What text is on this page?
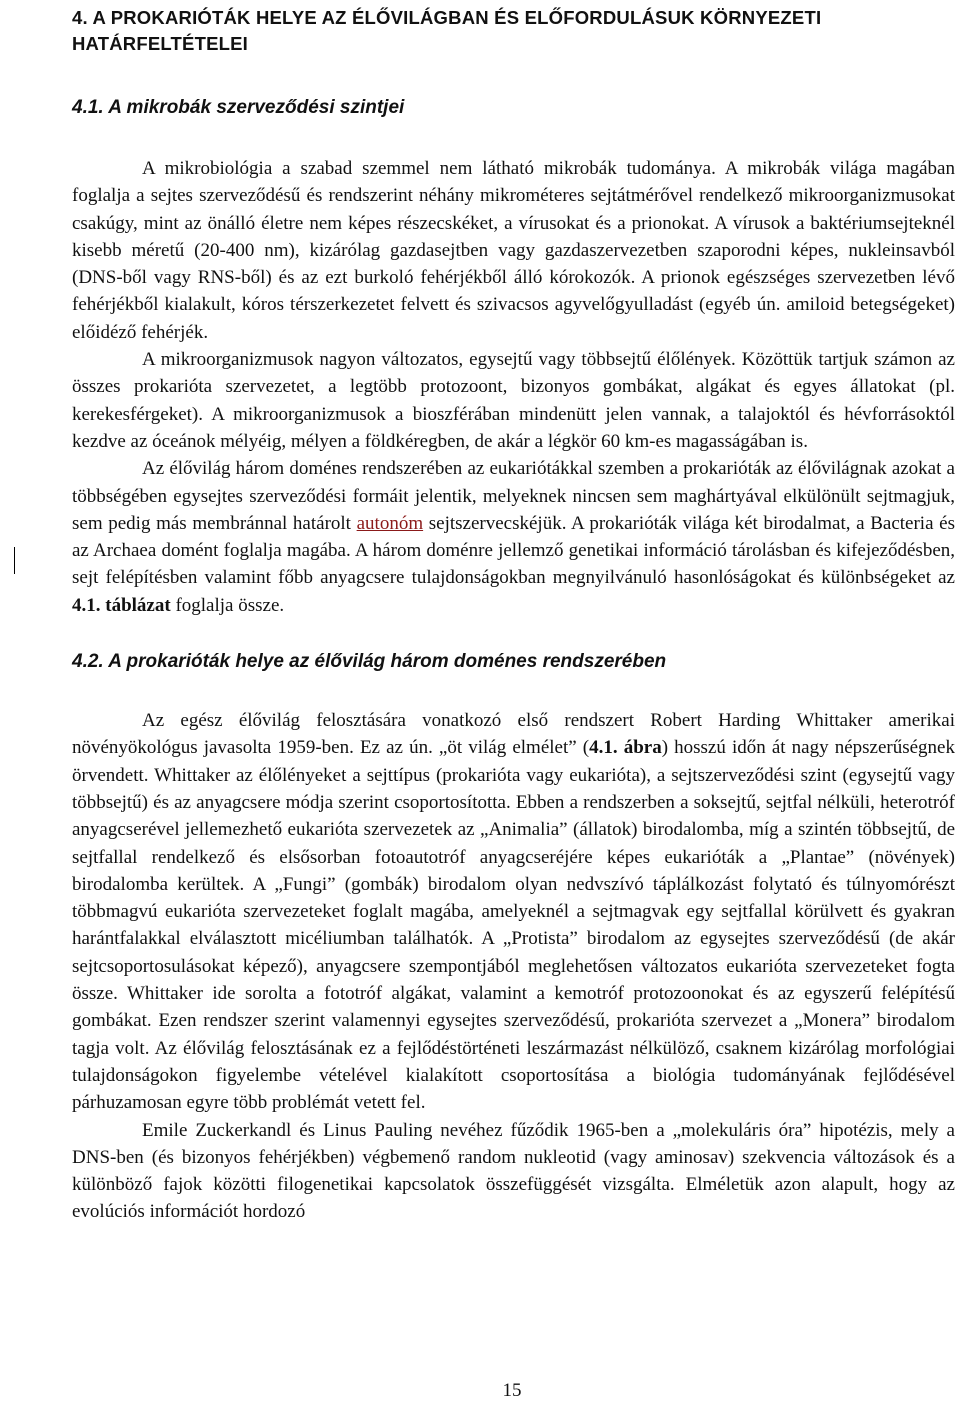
4. A PROKARIÓTÁK HELYE AZ ÉLŐVILÁGBAN ÉS ELŐFORDULÁSUK KÖRNYEZETI HATÁRFELTÉTELEI
4.1. A mikrobák szerveződési szintjei

A mikrobiológia a szabad szemmel nem látható mikrobák tudománya. A mikrobák világa magában foglalja a sejtes szerveződésű és rendszerint néhány mikrométeres sejtátmérővel rendelkező mikroorganizmusokat csakúgy, mint az önálló életre nem képes részecskéket, a vírusokat és a prionokat. A vírusok a baktériumsejteknél kisebb méretű (20-400 nm), kizárólag gazdasejtben vagy gazdaszervezetben szaporodni képes, nukleinsavból (DNS-ből vagy RNS-ből) és az ezt burkoló fehérjékből álló kórokozók. A prionok egészséges szervezetben lévő fehérjékből kialakult, kóros térszerkezetet felvett és szivacsos agyvelőgyulladást (egyéb ún. amiloid betegségeket) előidéző fehérjék.

A mikroorganizmusok nagyon változatos, egysejtű vagy többsejtű élőlények. Közöttük tartjuk számon az összes prokarióta szervezetet, a legtöbb protozoont, bizonyos gombákat, algákat és egyes állatokat (pl. kerekesférgeket). A mikroorganizmusok a bioszférában mindenütt jelen vannak, a talajoktól és hévforrásoktól kezdve az óceánok mélyéig, mélyen a földkéregben, de akár a légkör 60 km-es magasságában is.

Az élővilág három doménes rendszerében az eukariótákkal szemben a prokarióták az élővilágnak azokat a többségében egysejtes szerveződési formáit jelentik, melyeknek nincsen sem maghártyával elkülönült sejtmagjuk, sem pedig más membránnal határolt autonóm sejtszervecskéjük. A prokarióták világa két birodalmat, a Bacteria és az Archaea domént foglalja magába. A három doménre jellemző genetikai információ tárolásban és kifejeződésben, sejt felépítésben valamint főbb anyagcsere tulajdonságokban megnyilvánuló hasonlóságokat és különbségeket az 4.1. táblázat foglalja össze.

4.2. A prokarióták helye az élővilág három doménes rendszerében

Az egész élővilág felosztására vonatkozó első rendszert Robert Harding Whittaker amerikai növényökológus javasolta 1959-ben. Ez az ún. „öt világ elmélet” (4.1. ábra) hosszú időn át nagy népszerűségnek örvendett. Whittaker az élőlényeket a sejttípus (prokarióta vagy eukarióta), a sejtszerveződési szint (egysejtű vagy többsejtű) és az anyagcsere módja szerint csoportosította. Ebben a rendszerben a soksejtű, sejtfal nélküli, heterotróf anyagcserével jellemezhető eukarióta szervezetek az „Animalia” (állatok) birodalomba, míg a szintén többsejtű, de sejtfallal rendelkező és elsősorban fotoautotróf anyagcseréjére képes eukarióták a „Plantae” (növények) birodalomba kerültek. A „Fungi” (gombák) birodalom olyan nedvszívó táplálkozást folytató és túlnyomórészt többmagvú eukarióta szervezeteket foglalt magába, amelyeknél a sejtmagvak egy sejtfallal körülvett és gyakran harántfalakkal elválasztott micéliumban találhatók. A „Protista” birodalom az egysejtes szerveződésű (de akár sejtcsoportosulásokat képező), anyagcsere szempontjából meglehetősen változatos eukarióta szervezeteket fogta össze. Whittaker ide sorolta a fototróf algákat, valamint a kemotróf protozoonokat és az egyszerű felépítésű gombákat. Ezen rendszer szerint valamennyi egysejtes szerveződésű, prokarióta szervezet a „Monera” birodalom tagja volt. Az élővilág felosztásának ez a fejlődéstörténeti leszármazást nélkülöző, csaknem kizárólag morfológiai tulajdonságokon figyelembe vételével kialakított csoportosítása a biológia tudományának fejlődésével párhuzamosan egyre több problémát vetett fel.

Emile Zuckerkandl és Linus Pauling nevéhez fűződik 1965-ben a „molekuláris óra” hipotézis, mely a DNS-ben (és bizonyos fehérjékben) végbemenő random nukleotid (vagy aminosav) szekvencia változások és a különböző fajok közötti filogenetikai kapcsolatok összefüggését vizsgálta. Elméletük azon alapult, hogy az evolúciós információt hordozó

15
